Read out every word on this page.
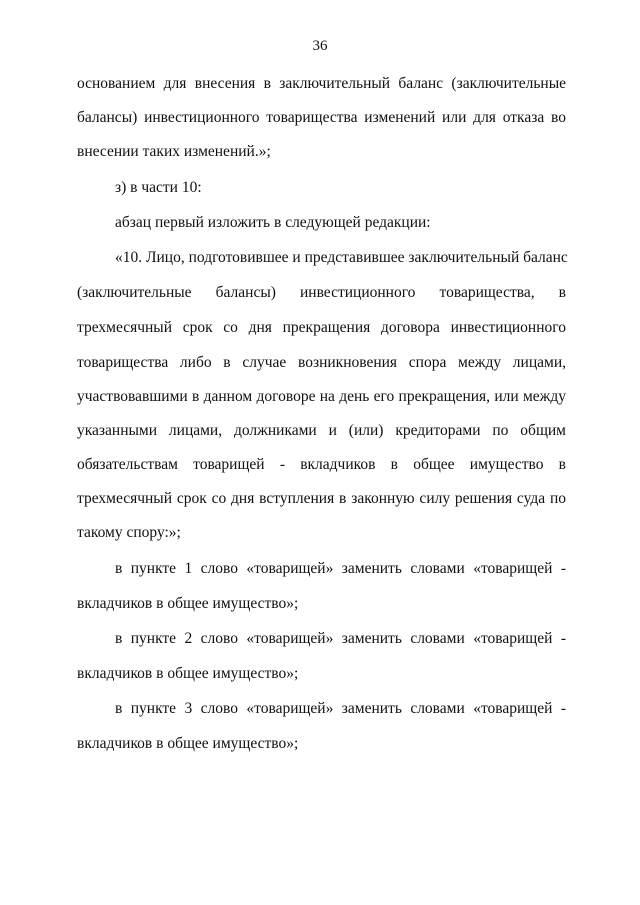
36
основанием для внесения в заключительный баланс (заключительные
балансы) инвестиционного товарищества изменений или для отказа во
внесении таких изменений.»;
з) в части 10:
абзац первый изложить в следующей редакции:
«10. Лицо, подготовившее и представившее заключительный баланс
(заключительные балансы) инвестиционного товарищества, в
трехмесячный срок со дня прекращения договора инвестиционного
товарищества либо в случае возникновения спора между лицами,
участвовавшими в данном договоре на день его прекращения, или между
указанными лицами, должниками и (или) кредиторами по общим
обязательствам товарищей - вкладчиков в общее имущество в
трехмесячный срок со дня вступления в законную силу решения суда по
такому спору:»;
в пункте 1 слово «товарищей» заменить словами «товарищей -
вкладчиков в общее имущество»;
в пункте 2 слово «товарищей» заменить словами «товарищей -
вкладчиков в общее имущество»;
в пункте 3 слово «товарищей» заменить словами «товарищей -
вкладчиков в общее имущество»;
